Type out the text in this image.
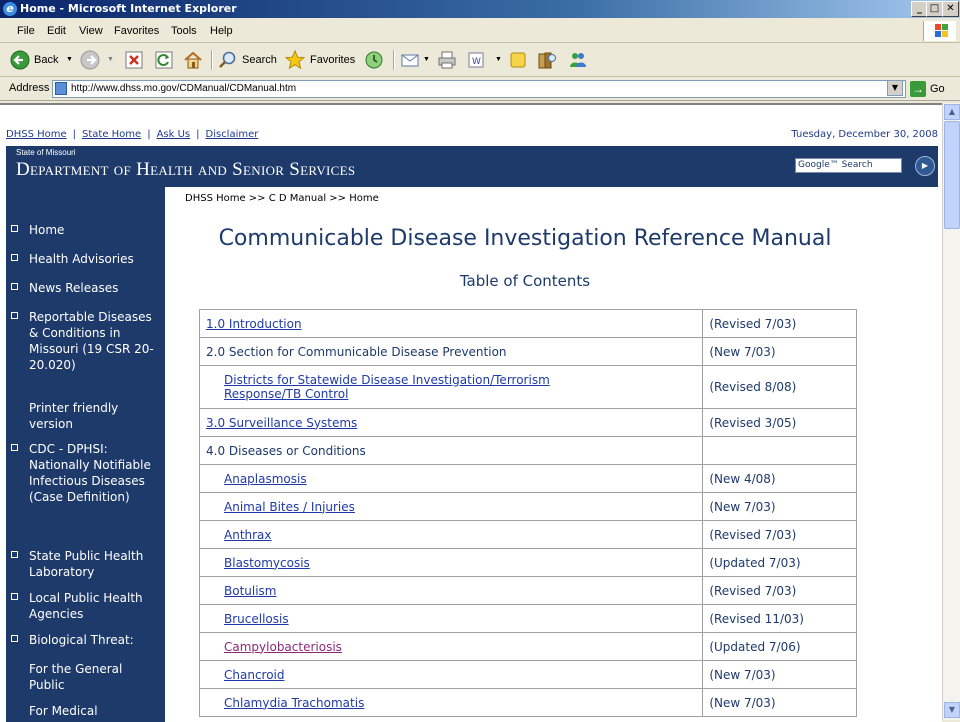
e Home - Microsoft Internet Explorer	_ □ ✕
File Edit View Favorites Tools Help
Back ▼	▼	Search	Favorites	▼	W ▼
Address http://www.dhss.mo.gov/CDManual/CDManual.htm	▼	→ Go
DHSS Home | State Home | Ask Us | Disclaimer	Tuesday, December 30, 2008
State of Missouri
Department of Health and Senior Services	Google™ Search	▶
Home
Health Advisories
News Releases
Reportable Diseases & Conditions in Missouri (19 CSR 20-20.020)
Printer friendly version
CDC - DPHSI: Nationally Notifiable Infectious Diseases (Case Definition)
State Public Health Laboratory
Local Public Health Agencies
Biological Threat:
For the General Public
For Medical
DHSS Home >> C D Manual >> Home
Communicable Disease Investigation Reference Manual
Table of Contents
1.0 Introduction	(Revised 7/03)
2.0 Section for Communicable Disease Prevention	(New 7/03)

Districts for Statewide Disease Investigation/Terrorism Response/TB Control	(Revised 8/08)
3.0 Surveillance Systems	(Revised 3/05)
4.0 Diseases or Conditions	
Anaplasmosis	(New 4/08)
Animal Bites / Injuries	(New 7/03)
Anthrax	(Revised 7/03)
Blastomycosis	(Updated 7/03)
Botulism	(Revised 7/03)
Brucellosis	(Revised 11/03)
Campylobacteriosis	(Updated 7/06)
Chancroid	(New 7/03)
Chlamydia Trachomatis	(New 7/03)
▲
▼
